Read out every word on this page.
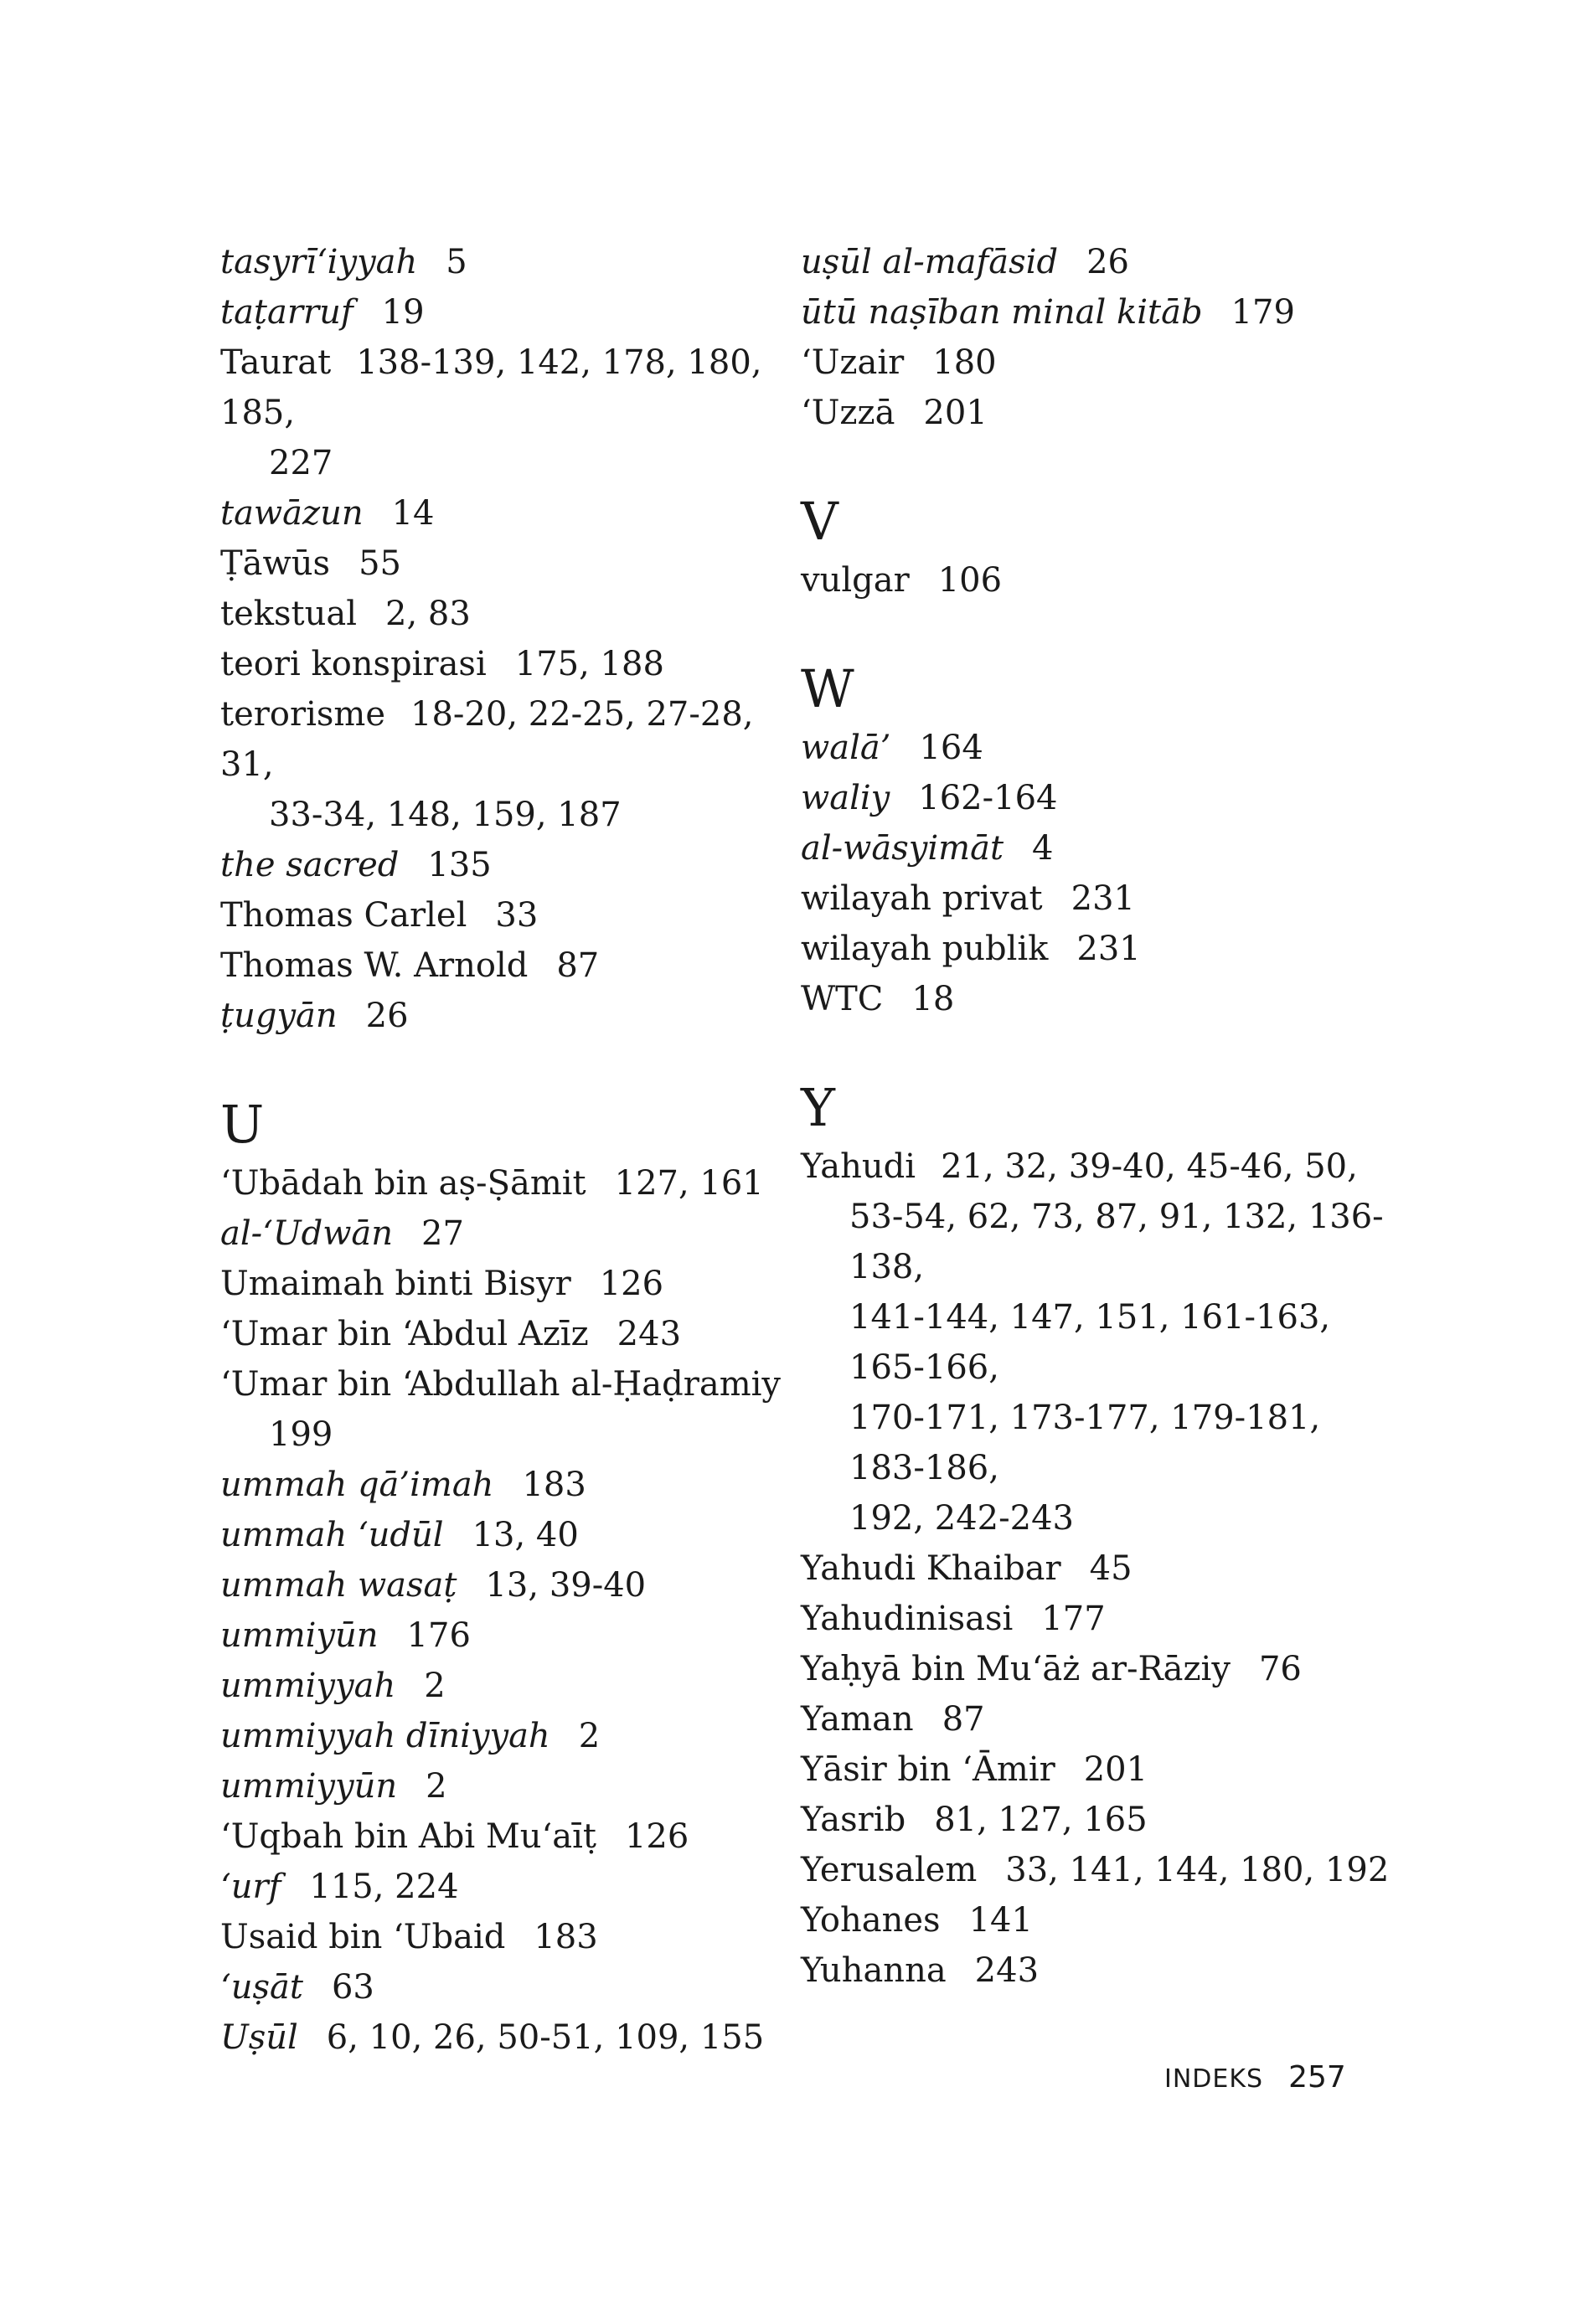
tasyrī‘iyyah 5
taṭarruf 19
Taurat 138-139, 142, 178, 180, 185,
227
tawāzun 14
Ṭāwūs 55
tekstual 2, 83
teori konspirasi 175, 188
terorisme 18-20, 22-25, 27-28, 31,
33-34, 148, 159, 187
the sacred 135
Thomas Carlel 33
Thomas W. Arnold 87
ṭugyān 26
U
‘Ubādah bin aṣ-Ṣāmit 127, 161
al-‘Udwān 27
Umaimah binti Bisyr 126
‘Umar bin ‘Abdul Azīz 243
‘Umar bin ‘Abdullah al-Ḥaḍramiy
199
ummah qā’imah 183
ummah ‘udūl 13, 40
ummah wasaṭ 13, 39-40
ummiyūn 176
ummiyyah 2
ummiyyah dīniyyah 2
ummiyyūn 2
‘Uqbah bin Abi Mu‘aīṭ 126
‘urf 115, 224
Usaid bin ‘Ubaid 183
‘uṣāt 63
Uṣūl 6, 10, 26, 50-51, 109, 155
uṣūl al-mafāsid 26
ūtū naṣīban minal kitāb 179
‘Uzair 180
‘Uzzā 201
V
vulgar 106
W
walā’ 164
waliy 162-164
al-wāsyimāt 4
wilayah privat 231
wilayah publik 231
WTC 18
Y
Yahudi 21, 32, 39-40, 45-46, 50,
53-54, 62, 73, 87, 91, 132, 136-138,
141-144, 147, 151, 161-163, 165-166,
170-171, 173-177, 179-181, 183-186,
192, 242-243
Yahudi Khaibar 45
Yahudinisasi 177
Yaḥyā bin Mu‘āż ar-Rāziy 76
Yaman 87
Yāsir bin ‘Āmir 201
Yasrib 81, 127, 165
Yerusalem 33, 141, 144, 180, 192
Yohanes 141
Yuhanna 243
INDEKS 257
